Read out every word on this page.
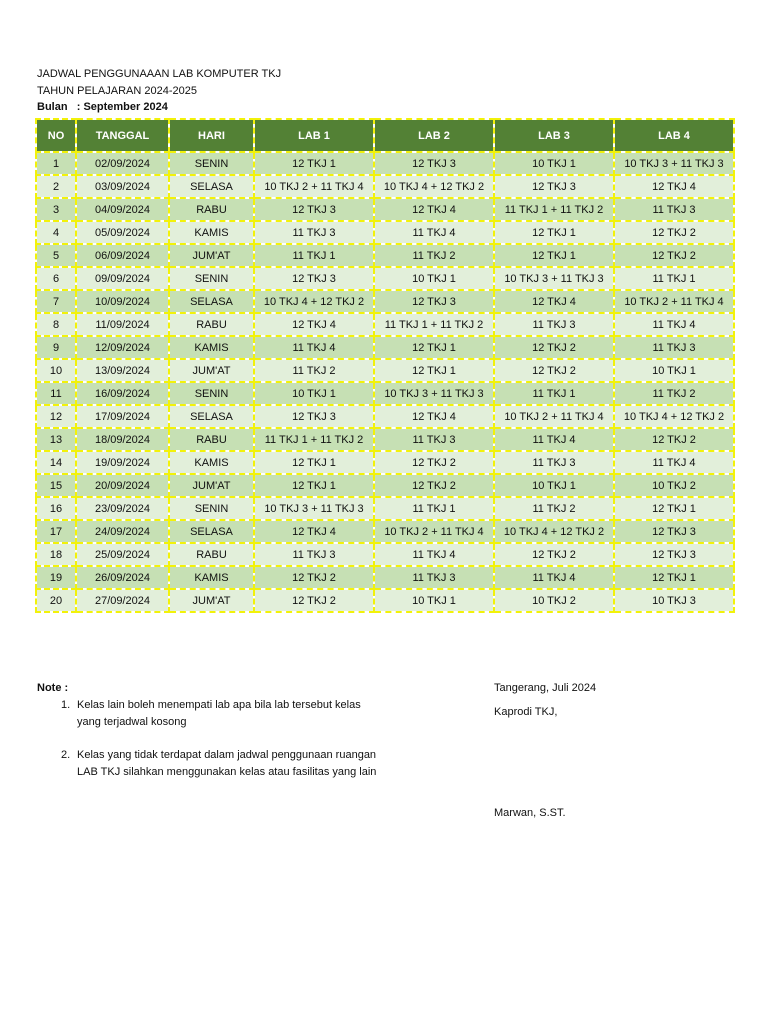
JADWAL PENGGUNAAAN LAB KOMPUTER TKJ
TAHUN PELAJARAN 2024-2025
Bulan   : September 2024
NO	TANGGAL	HARI	LAB 1	LAB 2	LAB 3	LAB 4
1	02/09/2024	SENIN	12 TKJ 1	12 TKJ 3	10 TKJ 1	10 TKJ 3 + 11 TKJ 3
2	03/09/2024	SELASA	10 TKJ 2 + 11 TKJ 4	10 TKJ 4 + 12 TKJ 2	12 TKJ 3	12 TKJ 4
3	04/09/2024	RABU	12 TKJ 3	12 TKJ 4	11 TKJ 1 + 11 TKJ 2	11 TKJ 3
4	05/09/2024	KAMIS	11 TKJ 3	11 TKJ 4	12 TKJ 1	12 TKJ 2
5	06/09/2024	JUM'AT	11 TKJ 1	11 TKJ 2	12 TKJ 1	12 TKJ 2
6	09/09/2024	SENIN	12 TKJ 3	10 TKJ 1	10 TKJ 3 + 11 TKJ 3	11 TKJ 1
7	10/09/2024	SELASA	10 TKJ 4 + 12 TKJ 2	12 TKJ 3	12 TKJ 4	10 TKJ 2 + 11 TKJ 4
8	11/09/2024	RABU	12 TKJ 4	11 TKJ 1 + 11 TKJ 2	11 TKJ 3	11 TKJ 4
9	12/09/2024	KAMIS	11 TKJ 4	12 TKJ 1	12 TKJ 2	11 TKJ 3
10	13/09/2024	JUM'AT	11 TKJ 2	12 TKJ 1	12 TKJ 2	10 TKJ 1
11	16/09/2024	SENIN	10 TKJ 1	10 TKJ 3 + 11 TKJ 3	11 TKJ 1	11 TKJ 2
12	17/09/2024	SELASA	12 TKJ 3	12 TKJ 4	10 TKJ 2 + 11 TKJ 4	10 TKJ 4 + 12 TKJ 2
13	18/09/2024	RABU	11 TKJ 1 + 11 TKJ 2	11 TKJ 3	11 TKJ 4	12 TKJ 2
14	19/09/2024	KAMIS	12 TKJ 1	12 TKJ 2	11 TKJ 3	11 TKJ 4
15	20/09/2024	JUM'AT	12 TKJ 1	12 TKJ 2	10 TKJ 1	10 TKJ 2
16	23/09/2024	SENIN	10 TKJ 3 + 11 TKJ 3	11 TKJ 1	11 TKJ 2	12 TKJ 1
17	24/09/2024	SELASA	12 TKJ 4	10 TKJ 2 + 11 TKJ 4	10 TKJ 4 + 12 TKJ 2	12 TKJ 3
18	25/09/2024	RABU	11 TKJ 3	11 TKJ 4	12 TKJ 2	12 TKJ 3
19	26/09/2024	KAMIS	12 TKJ 2	11 TKJ 3	11 TKJ 4	12 TKJ 1
20	27/09/2024	JUM'AT	12 TKJ 2	10 TKJ 1	10 TKJ 2	10 TKJ 3
Note :
1. Kelas lain boleh menempati lab apa bila lab tersebut kelas yang terjadwal kosong
2. Kelas yang tidak terdapat dalam jadwal penggunaan ruangan LAB TKJ silahkan menggunakan kelas atau fasilitas yang lain
Tangerang, Juli 2024
Kaprodi TKJ,
Marwan, S.ST.
